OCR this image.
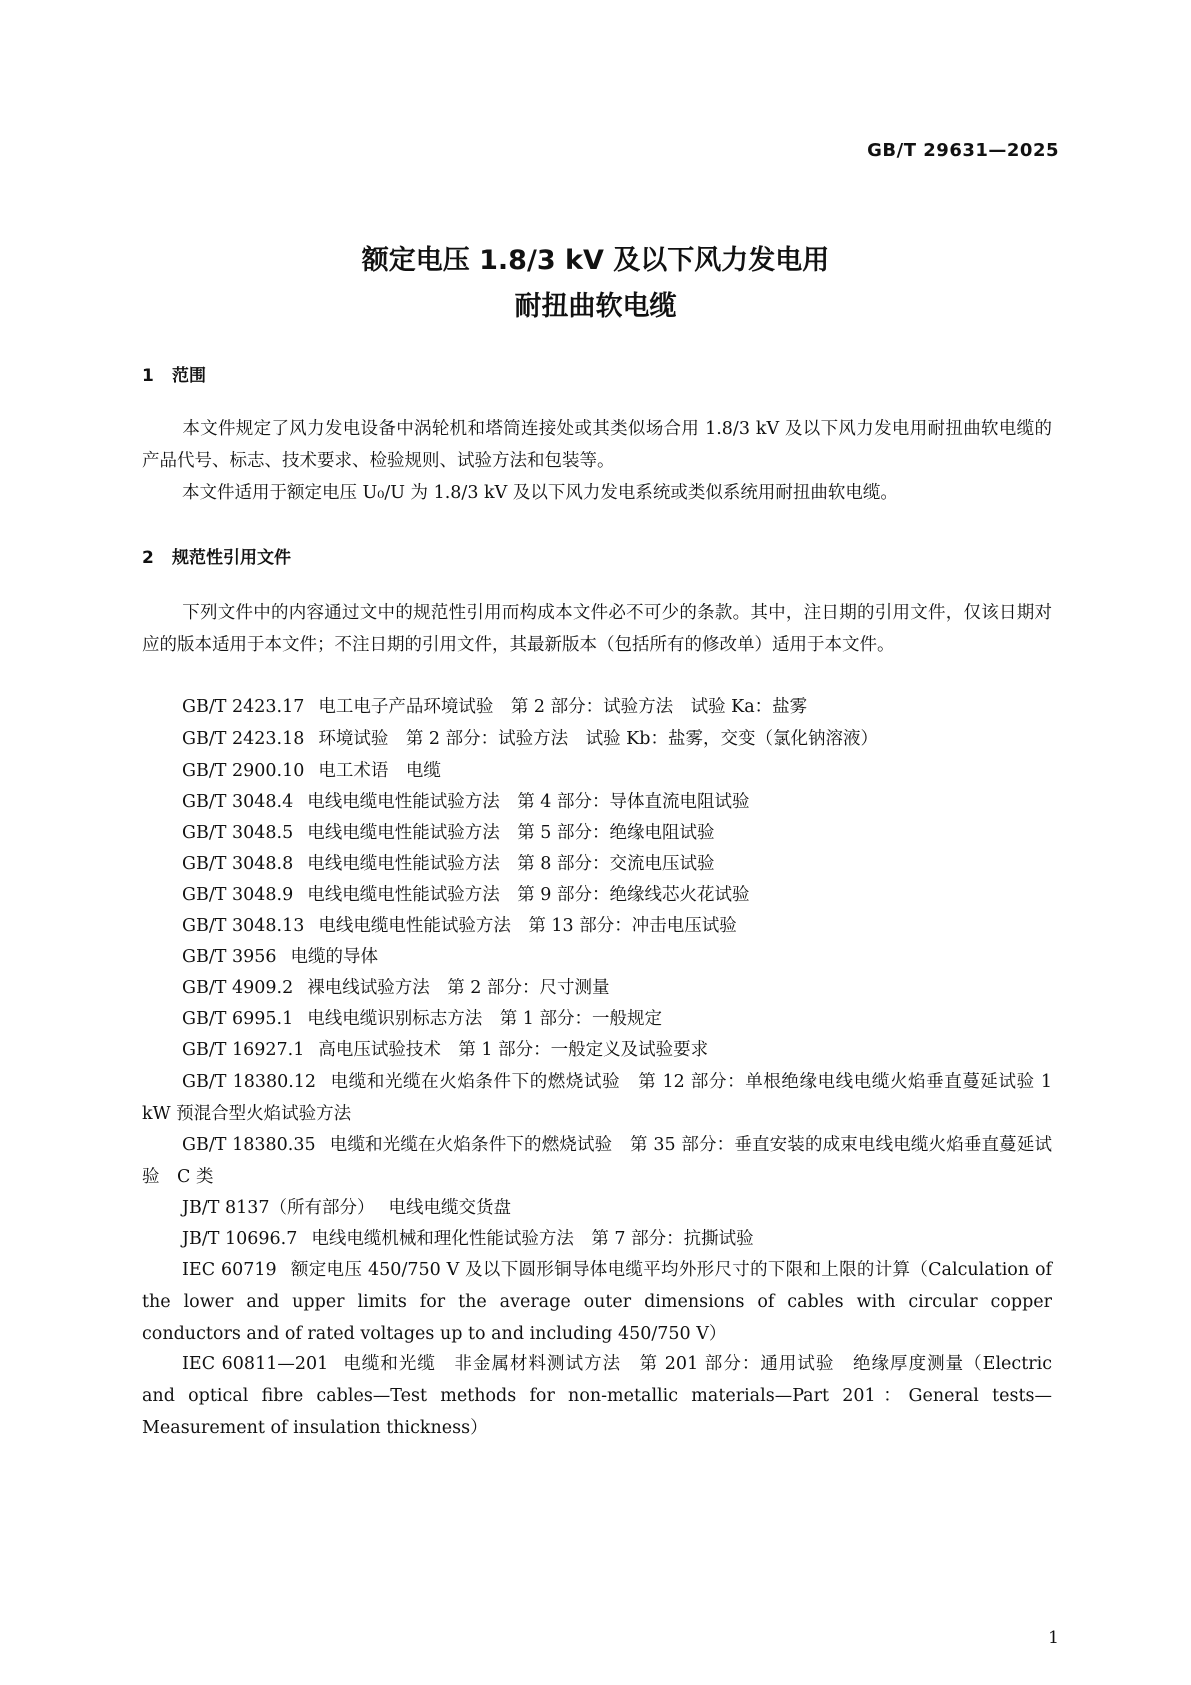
GB/T 29631—2025
额定电压 1.8/3 kV 及以下风力发电用
耐扭曲软电缆
1 范围
本文件规定了风力发电设备中涡轮机和塔筒连接处或其类似场合用 1.8/3 kV 及以下风力发电用耐扭曲软电缆的产品代号、标志、技术要求、检验规则、试验方法和包装等。
本文件适用于额定电压 U₀/U 为 1.8/3 kV 及以下风力发电系统或类似系统用耐扭曲软电缆。
2 规范性引用文件
下列文件中的内容通过文中的规范性引用而构成本文件必不可少的条款。其中，注日期的引用文件，仅该日期对应的版本适用于本文件；不注日期的引用文件，其最新版本（包括所有的修改单）适用于本文件。
GB/T 2423.17 电工电子产品环境试验　第 2 部分：试验方法　试验 Ka：盐雾
GB/T 2423.18 环境试验　第 2 部分：试验方法　试验 Kb：盐雾，交变（氯化钠溶液）
GB/T 2900.10 电工术语　电缆
GB/T 3048.4 电线电缆电性能试验方法　第 4 部分：导体直流电阻试验
GB/T 3048.5 电线电缆电性能试验方法　第 5 部分：绝缘电阻试验
GB/T 3048.8 电线电缆电性能试验方法　第 8 部分：交流电压试验
GB/T 3048.9 电线电缆电性能试验方法　第 9 部分：绝缘线芯火花试验
GB/T 3048.13 电线电缆电性能试验方法　第 13 部分：冲击电压试验
GB/T 3956 电缆的导体
GB/T 4909.2 裸电线试验方法　第 2 部分：尺寸测量
GB/T 6995.1 电线电缆识别标志方法　第 1 部分：一般规定
GB/T 16927.1 高电压试验技术　第 1 部分：一般定义及试验要求
GB/T 18380.12 电缆和光缆在火焰条件下的燃烧试验　第 12 部分：单根绝缘电线电缆火焰垂直蔓延试验 1 kW 预混合型火焰试验方法
GB/T 18380.35 电缆和光缆在火焰条件下的燃烧试验　第 35 部分：垂直安装的成束电线电缆火焰垂直蔓延试验　C 类
JB/T 8137（所有部分） 电线电缆交货盘
JB/T 10696.7 电线电缆机械和理化性能试验方法　第 7 部分：抗撕试验
IEC 60719 额定电压 450/750 V 及以下圆形铜导体电缆平均外形尺寸的下限和上限的计算（Calculation of the lower and upper limits for the average outer dimensions of cables with circular copper conductors and of rated voltages up to and including 450/750 V）
IEC 60811—201 电缆和光缆　非金属材料测试方法　第 201 部分：通用试验　绝缘厚度测量（Electric and optical fibre cables—Test methods for non-metallic materials—Part 201：General tests—Measurement of insulation thickness）
1
